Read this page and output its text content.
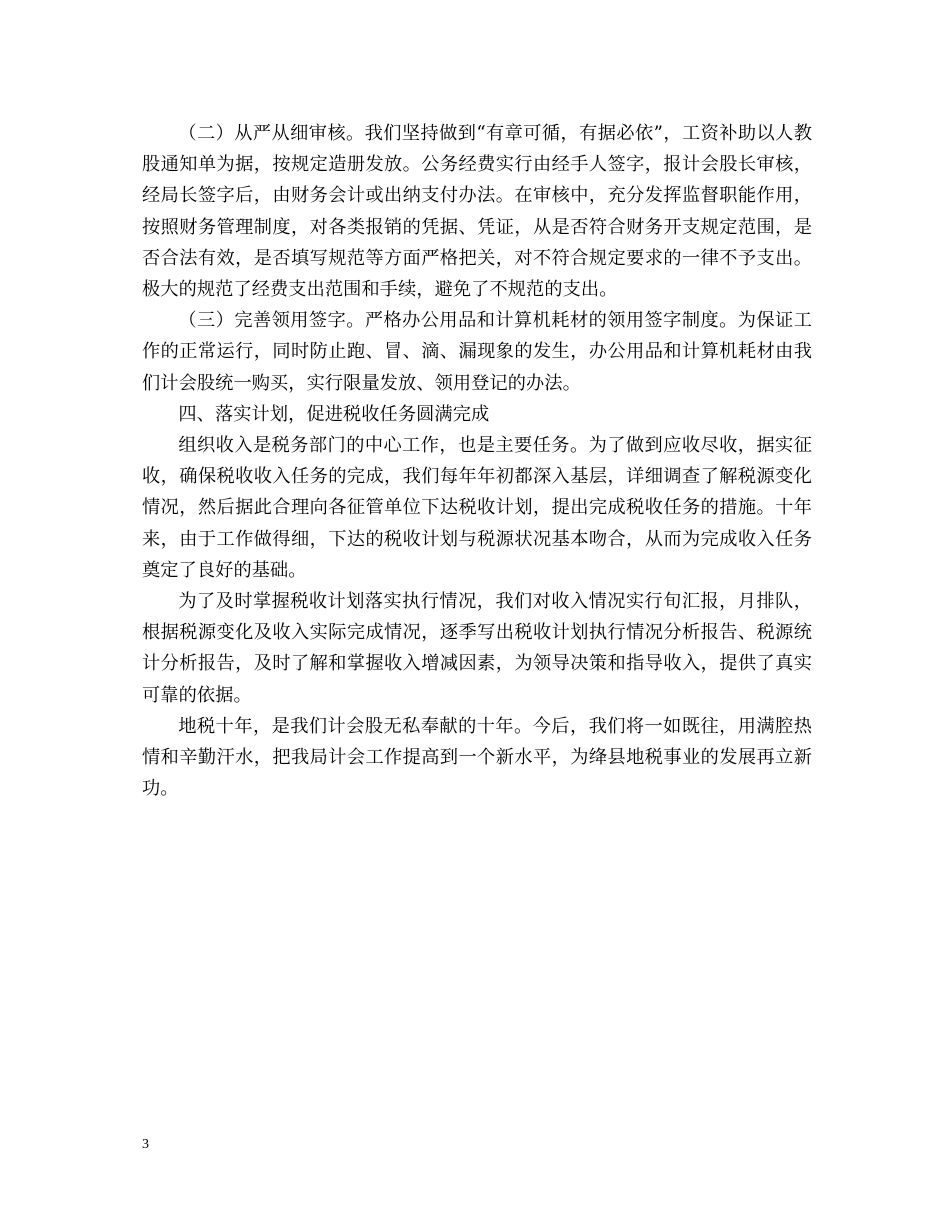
（二）从严从细审核。我们坚持做到“有章可循，有据必依”，工资补助以人教股通知单为据，按规定造册发放。公务经费实行由经手人签字，报计会股长审核，经局长签字后，由财务会计或出纳支付办法。在审核中，充分发挥监督职能作用，按照财务管理制度，对各类报销的凭据、凭证，从是否符合财务开支规定范围，是否合法有效，是否填写规范等方面严格把关，对不符合规定要求的一律不予支出。极大的规范了经费支出范围和手续，避免了不规范的支出。

（三）完善领用签字。严格办公用品和计算机耗材的领用签字制度。为保证工作的正常运行，同时防止跑、冒、滴、漏现象的发生，办公用品和计算机耗材由我们计会股统一购买，实行限量发放、领用登记的办法。

四、落实计划，促进税收任务圆满完成

组织收入是税务部门的中心工作，也是主要任务。为了做到应收尽收，据实征收，确保税收收入任务的完成，我们每年年初都深入基层，详细调查了解税源变化情况，然后据此合理向各征管单位下达税收计划，提出完成税收任务的措施。十年来，由于工作做得细，下达的税收计划与税源状况基本吻合，从而为完成收入任务奠定了良好的基础。

为了及时掌握税收计划落实执行情况，我们对收入情况实行旬汇报，月排队，根据税源变化及收入实际完成情况，逐季写出税收计划执行情况分析报告、税源统计分析报告，及时了解和掌握收入增减因素，为领导决策和指导收入，提供了真实可靠的依据。

地税十年，是我们计会股无私奉献的十年。今后，我们将一如既往，用满腔热情和辛勤汗水，把我局计会工作提高到一个新水平，为绛县地税事业的发展再立新功。

3
